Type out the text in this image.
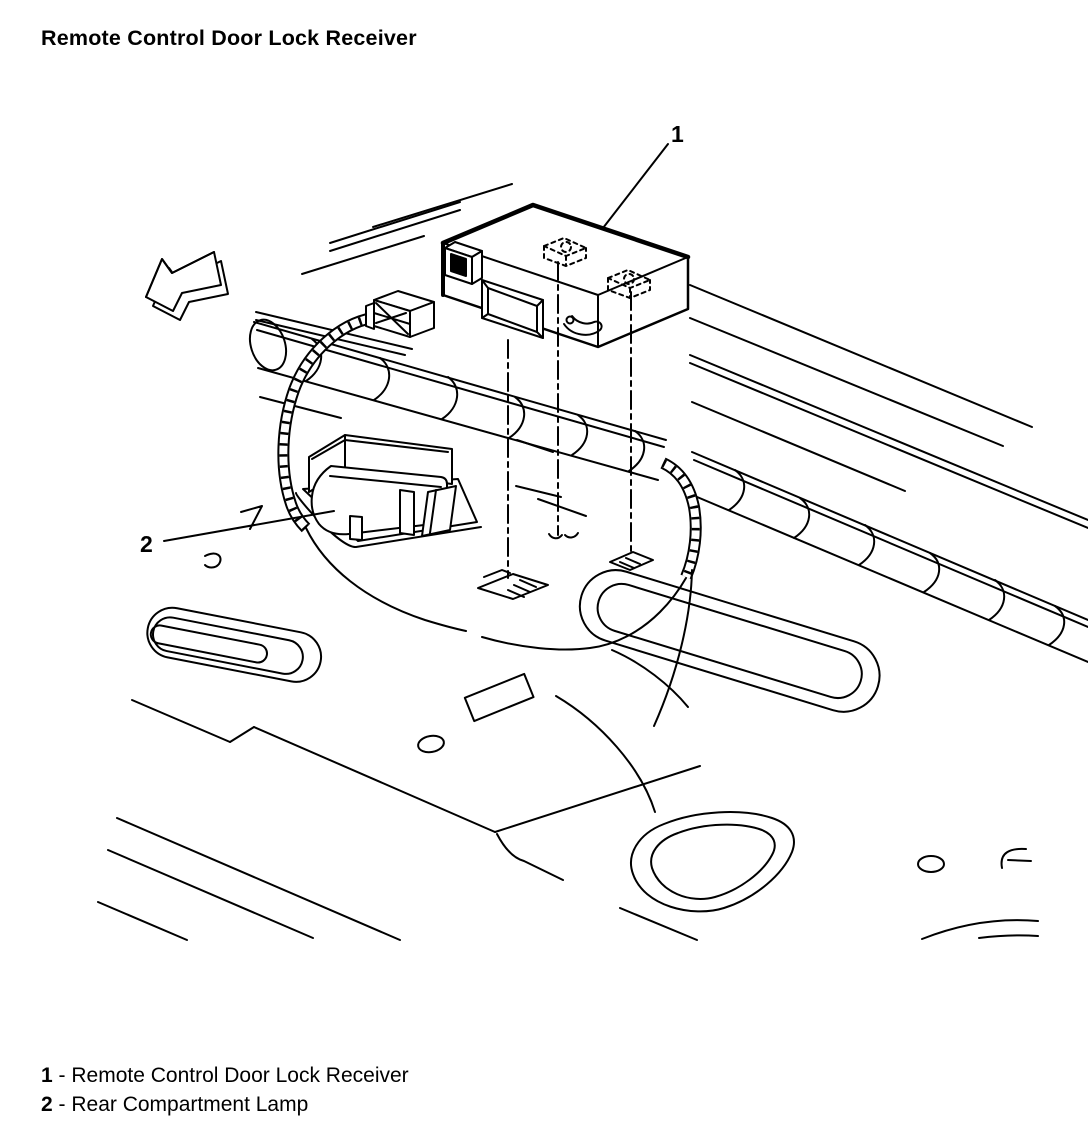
Remote Control Door Lock Receiver
1
2
1 - Remote Control Door Lock Receiver
2 - Rear Compartment Lamp
